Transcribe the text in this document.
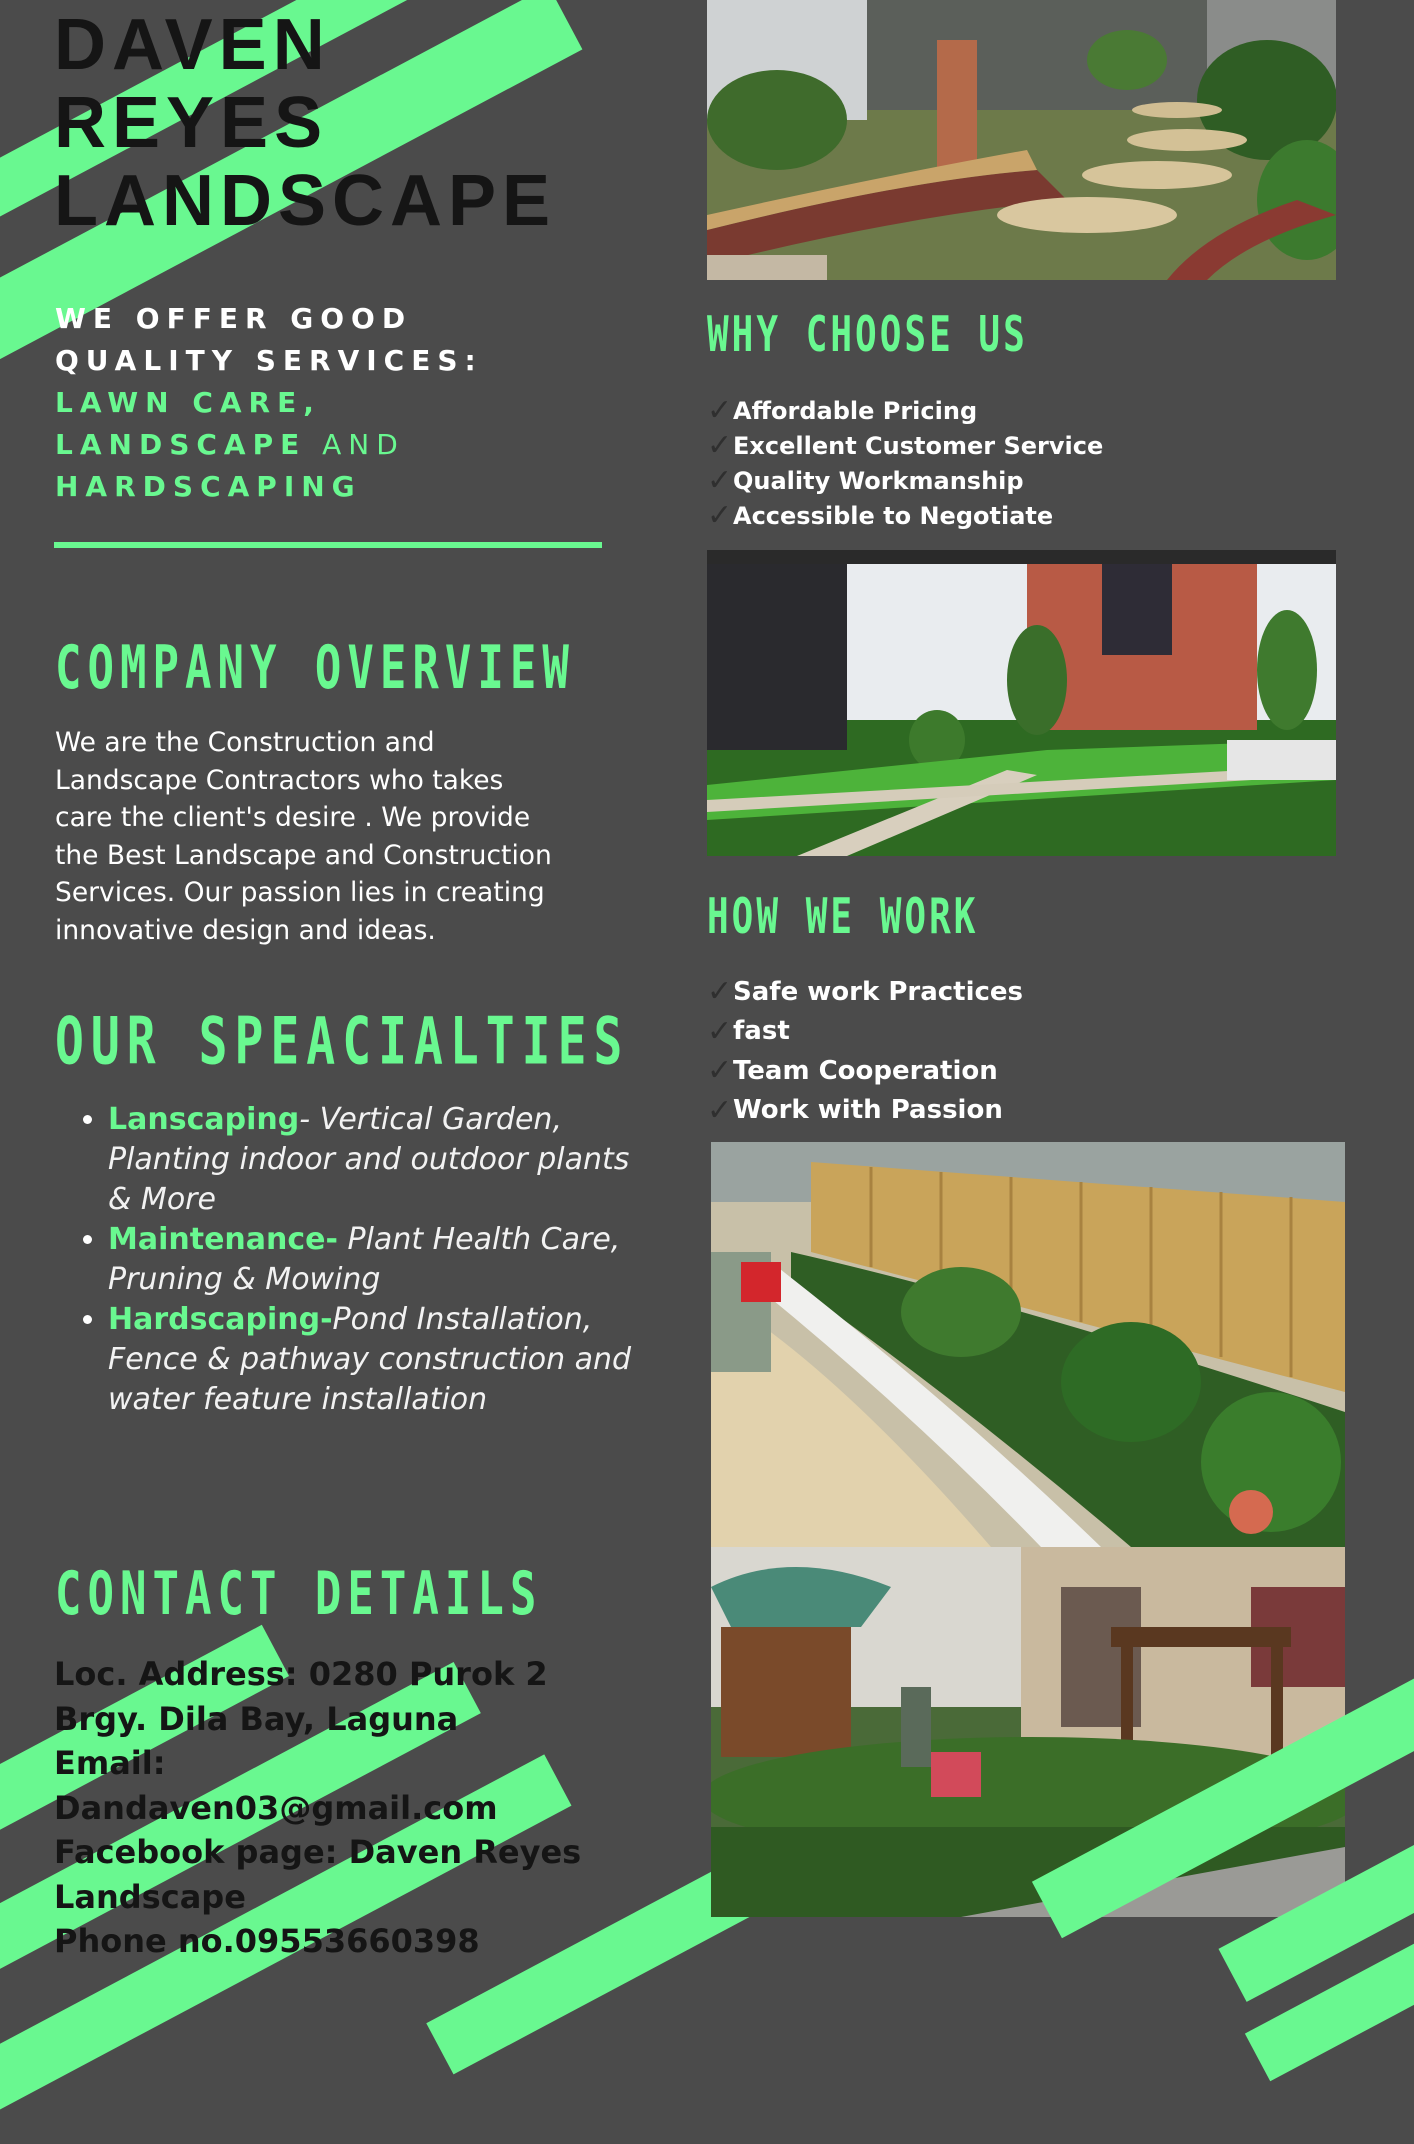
DAVEN
REYES
LANDSCAPE

WE OFFER GOOD
QUALITY SERVICES:
LAWN CARE,
LANDSCAPE AND
HARDSCAPING

COMPANY OVERVIEW

We are the Construction and
Landscape Contractors who takes
care the client's desire . We provide
the Best Landscape and Construction
Services. Our passion lies in creating
innovative design and ideas.

OUR SPEACIALTIES
• Lanscaping- Vertical Garden, Planting indoor and outdoor plants & More
• Maintenance- Plant Health Care, Pruning & Mowing
• Hardscaping-Pond Installation, Fence & pathway construction and water feature installation
CONTACT DETAILS

Loc. Address: 0280 Purok 2
Brgy. Dila Bay, Laguna
Email:
Dandaven03@gmail.com
Facebook page: Daven Reyes
Landscape
Phone no.09553660398

WHY CHOOSE US
✓ Affordable Pricing
✓ Excellent Customer Service
✓ Quality Workmanship
✓ Accessible to Negotiate
HOW WE WORK
✓ Safe work Practices
✓ fast
✓ Team Cooperation
✓ Work with Passion
